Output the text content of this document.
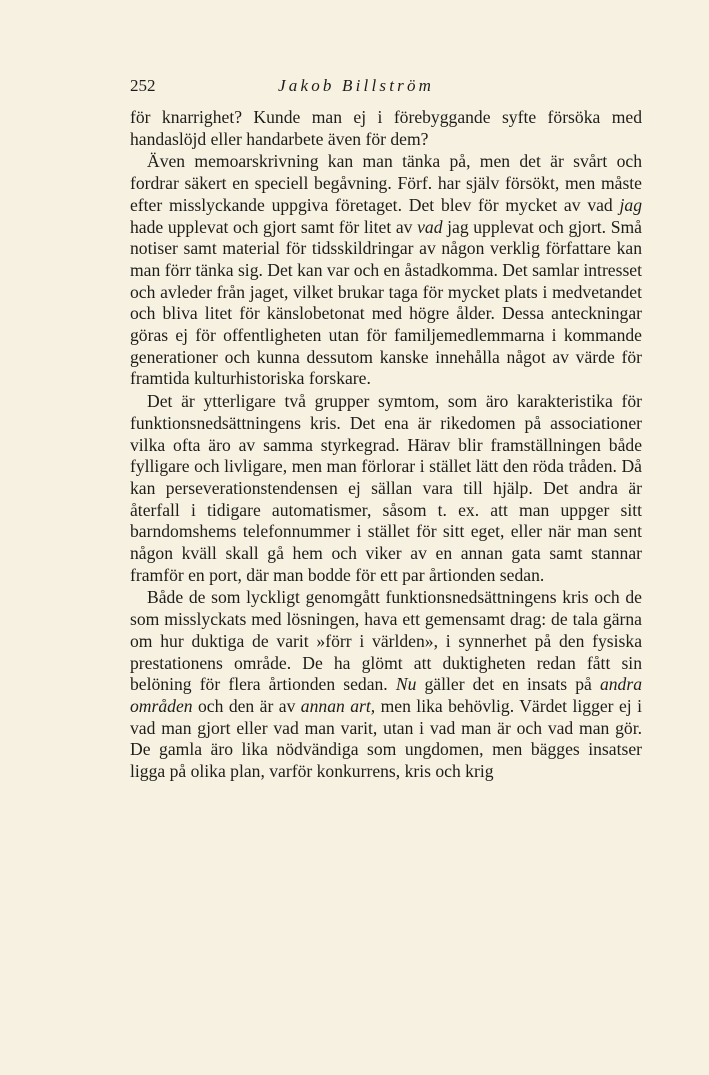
252	Jakob Billström

för knarrighet? Kunde man ej i förebyggande syfte försöka med handaslöjd eller handarbete även för dem?

Även memoarskrivning kan man tänka på, men det är svårt och fordrar säkert en speciell begåvning. Förf. har själv försökt, men måste efter misslyckande uppgiva företaget. Det blev för mycket av vad jag hade upplevat och gjort samt för litet av vad jag upplevat och gjort. Små notiser samt material för tidsskildringar av någon verklig författare kan man förr tänka sig. Det kan var och en åstadkomma. Det samlar intresset och avleder från jaget, vilket brukar taga för mycket plats i medvetandet och bliva litet för känslobetonat med högre ålder. Dessa anteckningar göras ej för offentligheten utan för familjemedlemmarna i kommande generationer och kunna dessutom kanske innehålla något av värde för framtida kulturhistoriska forskare.

Det är ytterligare två grupper symtom, som äro karakteristika för funktionsnedsättningens kris. Det ena är rikedomen på associationer vilka ofta äro av samma styrkegrad. Härav blir framställningen både fylligare och livligare, men man förlorar i stället lätt den röda tråden. Då kan perseverationstendensen ej sällan vara till hjälp. Det andra är återfall i tidigare automatismer, såsom t. ex. att man uppger sitt barndomshems telefonnummer i stället för sitt eget, eller när man sent någon kväll skall gå hem och viker av en annan gata samt stannar framför en port, där man bodde för ett par årtionden sedan.

Både de som lyckligt genomgått funktionsnedsättningens kris och de som misslyckats med lösningen, hava ett gemensamt drag: de tala gärna om hur duktiga de varit »förr i världen», i synnerhet på den fysiska prestationens område. De ha glömt att duktigheten redan fått sin belöning för flera årtionden sedan. Nu gäller det en insats på andra områden och den är av annan art, men lika behövlig. Värdet ligger ej i vad man gjort eller vad man varit, utan i vad man är och vad man gör. De gamla äro lika nödvändiga som ungdomen, men bägges insatser ligga på olika plan, varför konkurrens, kris och krig
